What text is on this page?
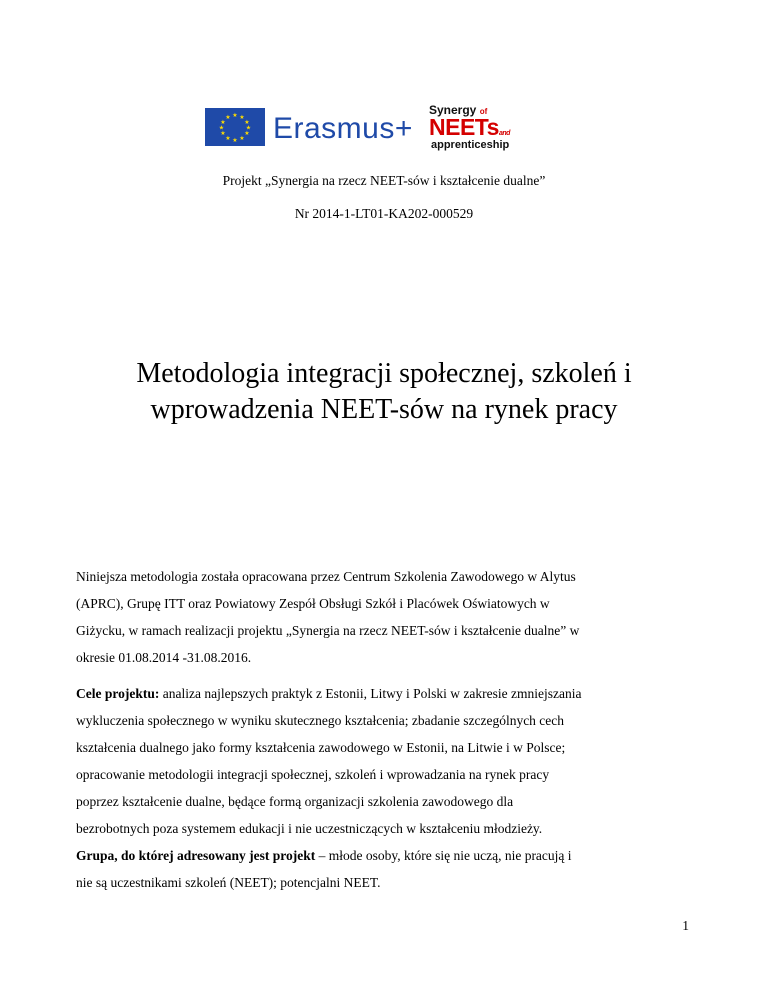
★ ★
★
★
★
★
★
★
★
★
★
★ Erasmus+
Synergy of
NEETsand
apprenticeship
Projekt „Synergia na rzecz NEET-sów i kształcenie dualne”
Nr 2014-1-LT01-KA202-000529
Metodologia integracji społecznej, szkoleń i
wprowadzenia NEET-sów na rynek pracy
Niniejsza metodologia została opracowana przez Centrum Szkolenia Zawodowego w Alytus
(APRC), Grupę ITT oraz Powiatowy Zespół Obsługi Szkół i Placówek Oświatowych w
Giżycku, w ramach realizacji projektu „Synergia na rzecz NEET-sów i kształcenie dualne” w
okresie 01.08.2014 -31.08.2016.
Cele projektu: analiza najlepszych praktyk z Estonii, Litwy i Polski w zakresie zmniejszania
wykluczenia społecznego w wyniku skutecznego kształcenia; zbadanie szczególnych cech
kształcenia dualnego jako formy kształcenia zawodowego w Estonii, na Litwie i w Polsce;
opracowanie metodologii integracji społecznej, szkoleń i wprowadzania na rynek pracy
poprzez kształcenie dualne, będące formą organizacji szkolenia zawodowego dla
bezrobotnych poza systemem edukacji i nie uczestniczących w kształceniu młodzieży.
Grupa, do której adresowany jest projekt – młode osoby, które się nie uczą, nie pracują i
nie są uczestnikami szkoleń (NEET); potencjalni NEET.
1
